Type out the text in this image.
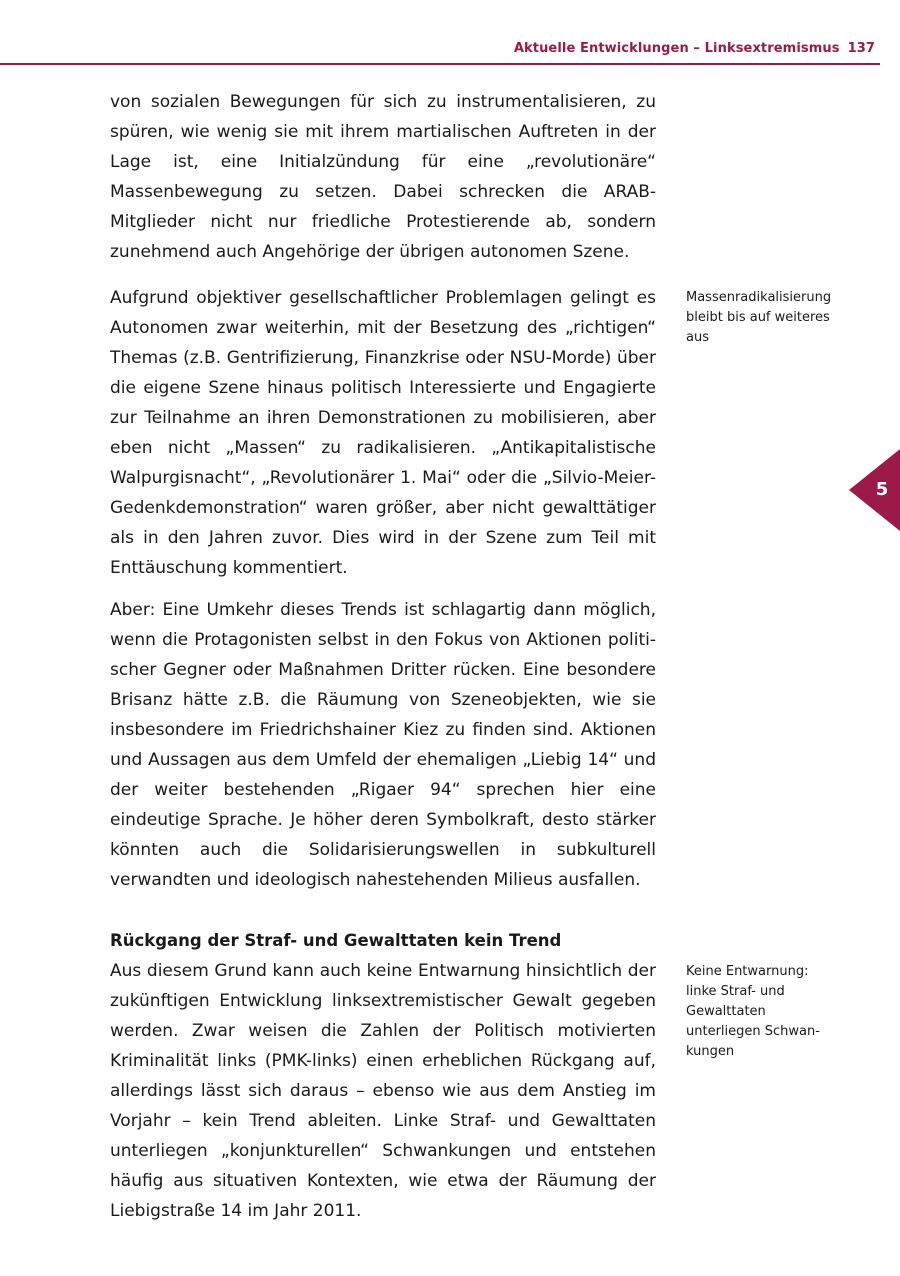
Aktuelle Entwicklungen – Linksextremismus 137

von sozialen Bewegungen für sich zu instrumentalisieren, zu spüren, wie wenig sie mit ihrem martialischen Auftreten in der Lage ist, eine Initialzündung für eine „revolutionäre“ Massenbewegung zu setzen. Dabei schrecken die ARAB-Mitglieder nicht nur friedliche Protestierende ab, sondern zunehmend auch Angehörige der übrigen autonomen Szene.

Aufgrund objektiver gesellschaftlicher Problemlagen gelingt es Autonomen zwar weiterhin, mit der Besetzung des „richtigen“ Themas (z.B. Gentrifizierung, Finanzkrise oder NSU-Morde) über die eigene Szene hinaus politisch Interessierte und Engagierte zur Teilnahme an ihren Demonstrationen zu mobilisieren, aber eben nicht „Massen“ zu radikalisieren. „Antikapitalistische Walpurgisnacht“, „Revolutionärer 1. Mai“ oder die „Silvio-Meier-Gedenkdemonstration“ waren größer, aber nicht gewalttätiger als in den Jahren zuvor. Dies wird in der Szene zum Teil mit Enttäuschung kommentiert.

Aber: Eine Umkehr dieses Trends ist schlagartig dann möglich, wenn die Protagonisten selbst in den Fokus von Aktionen politischer Gegner oder Maßnahmen Dritter rücken. Eine besondere Brisanz hätte z.B. die Räumung von Szeneobjekten, wie sie insbesondere im Friedrichshainer Kiez zu finden sind. Aktionen und Aussagen aus dem Umfeld der ehemaligen „Liebig 14“ und der weiter bestehenden „Rigaer 94“ sprechen hier eine eindeutige Sprache. Je höher deren Symbolkraft, desto stärker könnten auch die Solidarisierungswellen in subkulturell verwandten und ideologisch nahestehenden Milieus ausfallen.

Rückgang der Straf- und Gewalttaten kein Trend

Aus diesem Grund kann auch keine Entwarnung hinsichtlich der zukünftigen Entwicklung linksextremistischer Gewalt gegeben werden. Zwar weisen die Zahlen der Politisch motivierten Kriminalität links (PMK-links) einen erheblichen Rückgang auf, allerdings lässt sich daraus – ebenso wie aus dem Anstieg im Vorjahr – kein Trend ableiten. Linke Straf- und Gewalttaten unterliegen „konjunkturellen“ Schwankungen und entstehen häufig aus situativen Kontexten, wie etwa der Räumung der Liebigstraße 14 im Jahr 2011.

Massenradikalisierung bleibt bis auf weiteres aus
Keine Entwarnung: linke Straf- und Gewalttaten unterliegen Schwankungen
5
